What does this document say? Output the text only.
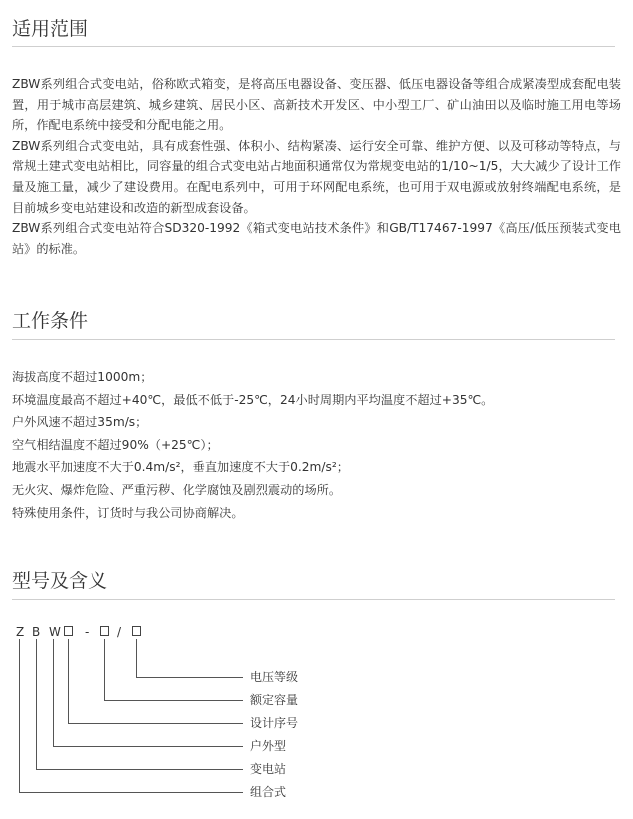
适用范围

ZBW系列组合式变电站，俗称欧式箱变，是将高压电器设备、变压器、低压电器设备等组合成紧凑型成套配电装置，用于城市高层建筑、城乡建筑、居民小区、高新技术开发区、中小型工厂、矿山油田以及临时施工用电等场所，作配电系统中接受和分配电能之用。

ZBW系列组合式变电站，具有成套性强、体积小、结构紧凑、运行安全可靠、维护方便、以及可移动等特点，与常规土建式变电站相比，同容量的组合式变电站占地面积通常仅为常规变电站的1/10~1/5，大大减少了设计工作量及施工量，减少了建设费用。在配电系列中，可用于环网配电系统，也可用于双电源或放射终端配电系统，是目前城乡变电站建设和改造的新型成套设备。

ZBW系列组合式变电站符合SD320-1992《箱式变电站技术条件》和GB/T17467-1997《高压/低压预装式变电站》的标准。

工作条件
海拔高度不超过1000m；
环境温度最高不超过+40℃，最低不低于-25℃，24小时周期内平均温度不超过+35℃。
户外风速不超过35m/s；
空气相结温度不超过90%（+25℃）；
地震水平加速度不大于0.4m/s²，垂直加速度不大于0.2m/s²；
无火灾、爆炸危险、严重污秽、化学腐蚀及剧烈震动的场所。
特殊使用条件，订货时与我公司协商解决。
型号及含义
Z B W - /
电压等级
额定容量
设计序号
户外型
变电站
组合式
